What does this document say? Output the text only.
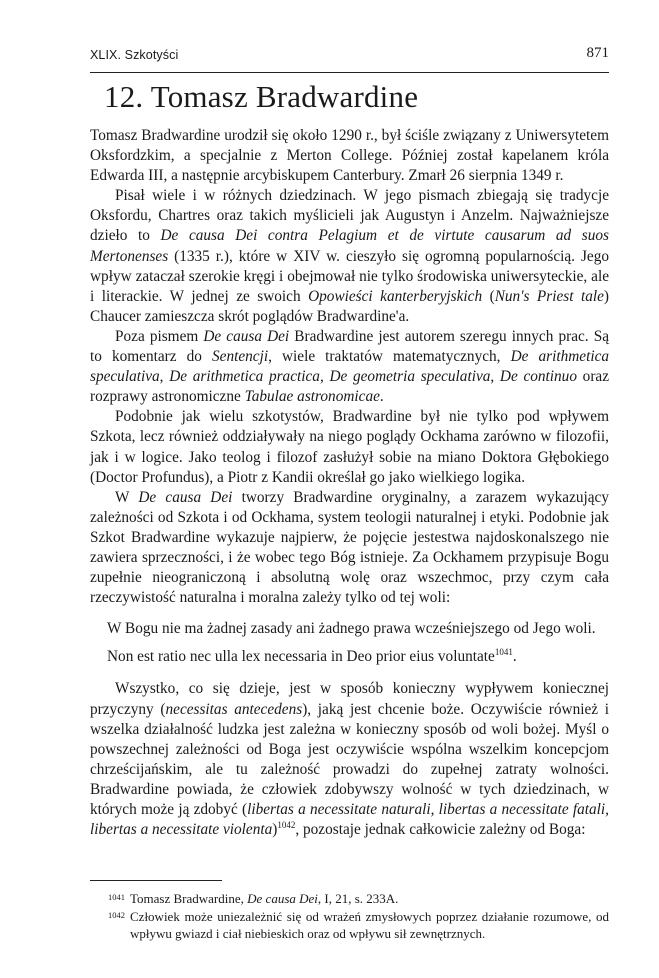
XLIX. Szkotyści	871
12. Tomasz Bradwardine

Tomasz Bradwardine urodził się około 1290 r., był ściśle związany z Uniwersytetem Oksfordzkim, a specjalnie z Merton College. Później został kapelanem króla Edwarda III, a następnie arcybiskupem Canterbury. Zmarł 26 sierpnia 1349 r.

Pisał wiele i w różnych dziedzinach. W jego pismach zbiegają się tradycje Oksfordu, Chartres oraz takich myślicieli jak Augustyn i Anzelm. Najważniejsze dzieło to De causa Dei contra Pelagium et de virtute causarum ad suos Mertonenses (1335 r.), które w XIV w. cieszyło się ogromną popularnością. Jego wpływ zataczał szerokie kręgi i obejmował nie tylko środowiska uniwersyteckie, ale i literackie. W jednej ze swoich Opowieści kanterberyjskich (Nun's Priest tale) Chaucer zamieszcza skrót poglądów Bradwardine'a.

Poza pismem De causa Dei Bradwardine jest autorem szeregu innych prac. Są to komentarz do Sentencji, wiele traktatów matematycznych, De arithmetica speculativa, De arithmetica practica, De geometria speculativa, De continuo oraz rozprawy astronomiczne Tabulae astronomicae.

Podobnie jak wielu szkotystów, Bradwardine był nie tylko pod wpływem Szkota, lecz również oddziaływały na niego poglądy Ockhama zarówno w filozofii, jak i w logice. Jako teolog i filozof zasłużył sobie na miano Doktora Głębokiego (Doctor Profundus), a Piotr z Kandii określał go jako wielkiego logika.

W De causa Dei tworzy Bradwardine oryginalny, a zarazem wykazujący zależności od Szkota i od Ockhama, system teologii naturalnej i etyki. Podobnie jak Szkot Bradwardine wykazuje najpierw, że pojęcie jestestwa najdoskonalszego nie zawiera sprzeczności, i że wobec tego Bóg istnieje. Za Ockhamem przypisuje Bogu zupełnie nieograniczoną i absolutną wolę oraz wszechmoc, przy czym cała rzeczywistość naturalna i moralna zależy tylko od tej woli:

W Bogu nie ma żadnej zasady ani żadnego prawa wcześniejszego od Jego woli.
Non est ratio nec ulla lex necessaria in Deo prior eius voluntate$^{1041}$.

Wszystko, co się dzieje, jest w sposób konieczny wypływem koniecznej przyczyny (necessitas antecedens), jaką jest chcenie boże. Oczywiście również i wszelka działalność ludzka jest zależna w konieczny sposób od woli bożej. Myśl o powszechnej zależności od Boga jest oczywiście wspólna wszelkim koncepcjom chrześcijańskim, ale tu zależność prowadzi do zupełnej zatraty wolności. Bradwardine powiada, że człowiek zdobywszy wolność w tych dziedzinach, w których może ją zdobyć (libertas a necessitate naturali, libertas a necessitate fatali, libertas a necessitate violenta)$^{1042}$, pozostaje jednak całkowicie zależny od Boga:

1041 Tomasz Bradwardine, De causa Dei, I, 21, s. 233A.
1042 Człowiek może uniezależnić się od wrażeń zmysłowych poprzez działanie rozumowe, od wpływu gwiazd i ciał niebieskich oraz od wpływu sił zewnętrznych.
